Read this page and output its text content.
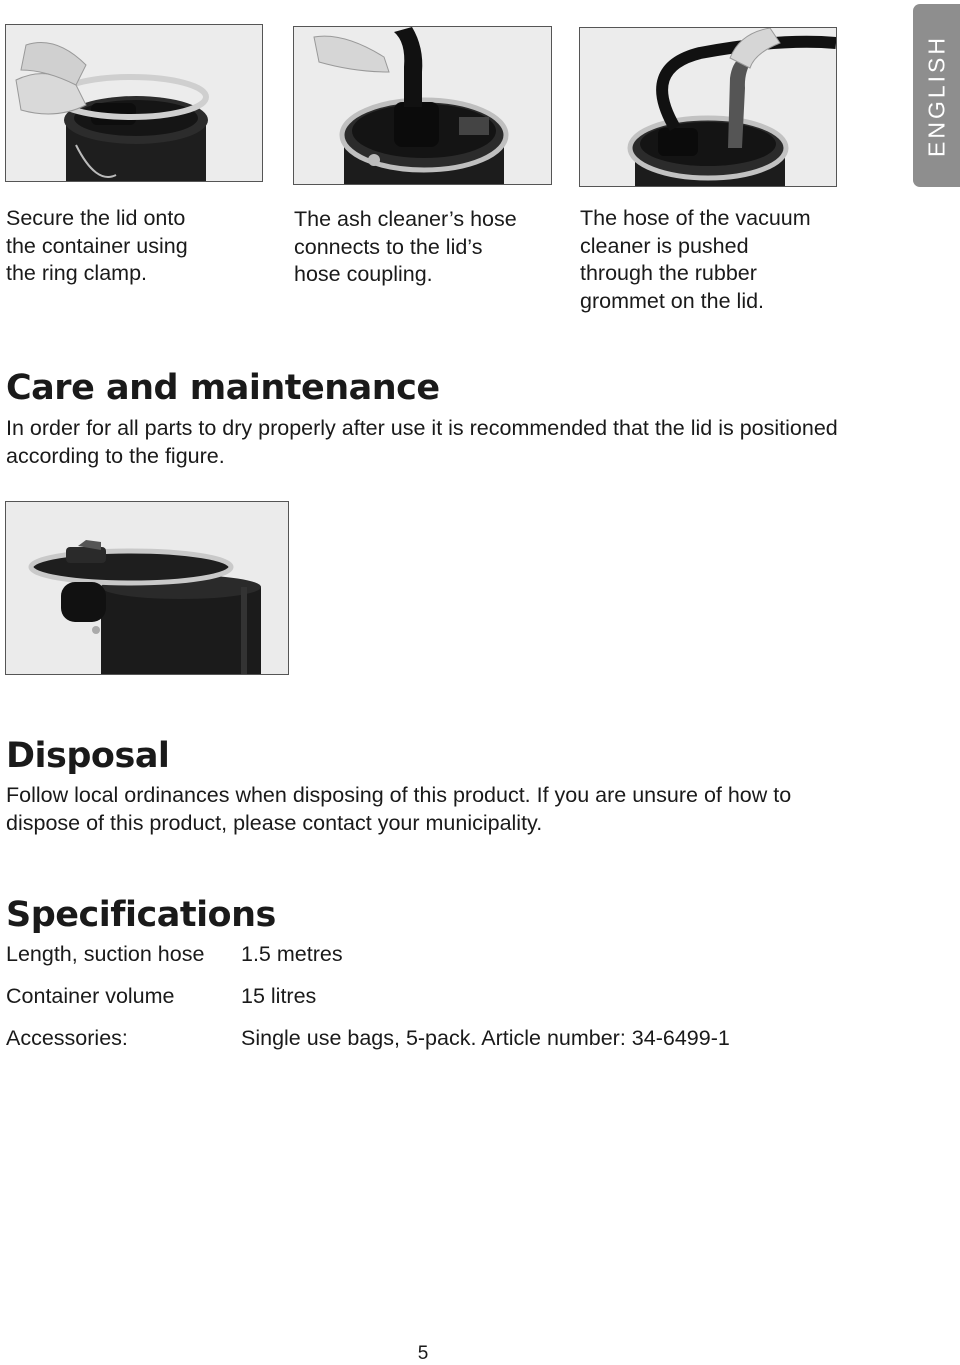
ENGLISH

Secure the lid onto
the container using
the ring clamp.

The ash cleaner’s hose
connects to the lid’s
hose coupling.

The hose of the vacuum
cleaner is pushed
through the rubber
grommet on the lid.

Care and maintenance

In order for all parts to dry properly after use it is recommended that the lid is positioned according to the figure.

Disposal

Follow local ordinances when disposing of this product. If you are unsure of how to dispose of this product, please contact your municipality.

Specifications
Length, suction hose 1.5 metres
Container volume	15 litres
Accessories:	Single use bags, 5-pack. Article number: 34-6499-1
5
